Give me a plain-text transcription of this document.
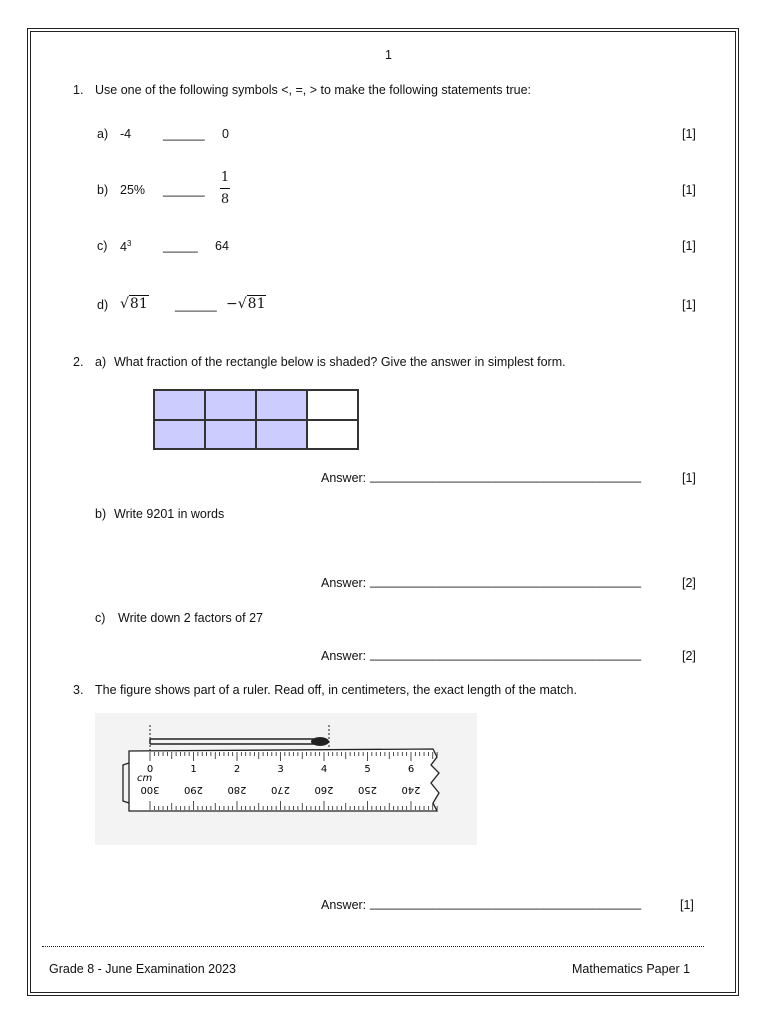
1
1. Use one of the following symbols <, =, > to make the following statements true:
a) -4	______ 0	[1]
b) 25% ______
1
8
[1]
c) $4^3$	_____ 64	[1]
d) √81 ______ −√81	[1]
2. a) What fraction of the rectangle below is shaded? Give the answer in simplest form.
Answer: _______________________________________	[1]
b) Write 9201 in words
Answer: _______________________________________	[2]
c) Write down 2 factors of 27
Answer: _______________________________________	[2]
3. The figure shows part of a ruler. Read off, in centimeters, the exact length of the match.
0	1	2	3	4	5	6
300 290 280 270 260 250 240
cm
Answer: _______________________________________	[1]
Grade 8 - June Examination 2023	Mathematics Paper 1
